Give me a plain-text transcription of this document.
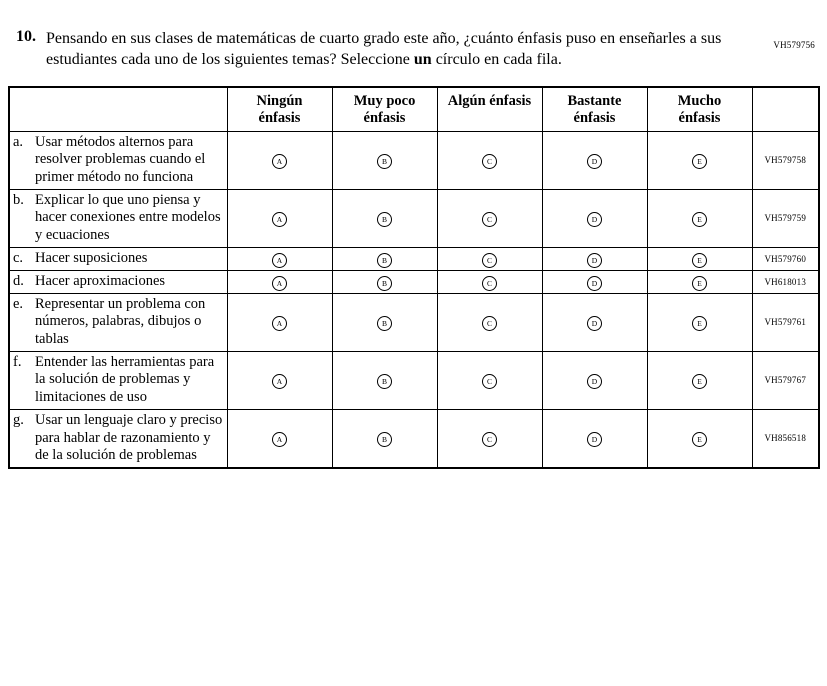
VH579756
10. Pensando en sus clases de matemáticas de cuarto grado este año, ¿cuánto énfasis puso en enseñarles a sus estudiantes cada uno de los siguientes temas? Seleccione un círculo en cada fila.
	Ningún énfasis	Muy poco énfasis	Algún énfasis	Bastante énfasis	Mucho énfasis	

a. Usar métodos alternos para resolver problemas cuando el primer método no funciona	A	B	C	D	E	VH579758

b. Explicar lo que uno piensa y hacer conexiones entre modelos y ecuaciones	A	B	C	D	E	VH579759

c. Hacer suposiciones	A	B	C	D	E	VH579760

d. Hacer aproximaciones	A	B	C	D	E	VH618013

e. Representar un problema con números, palabras, dibujos o tablas	A	B	C	D	E	VH579761

f. Entender las herramientas para la solución de problemas y limitaciones de uso	A	B	C	D	E	VH579767

g. Usar un lenguaje claro y preciso para hablar de razonamiento y de la solución de problemas	A	B	C	D	E	VH856518
